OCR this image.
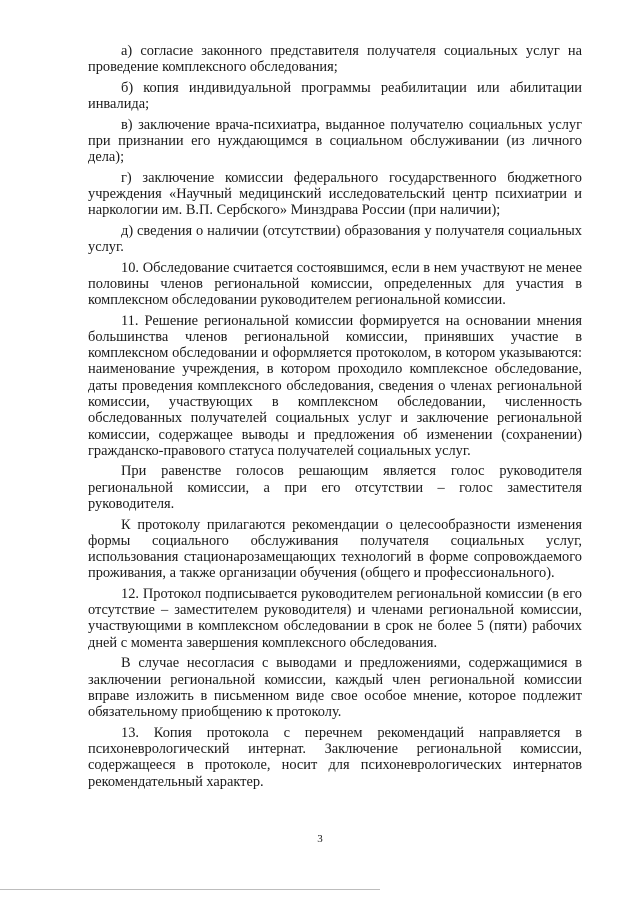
а) согласие законного представителя получателя социальных услуг на проведение комплексного обследования;

б) копия индивидуальной программы реабилитации или абилитации инвалида;

в) заключение врача-психиатра, выданное получателю социальных услуг при признании его нуждающимся в социальном обслуживании (из личного дела);

г) заключение комиссии федерального государственного бюджетного учреждения «Научный медицинский исследовательский центр психиатрии и наркологии им. В.П. Сербского» Минздрава России (при наличии);

д) сведения о наличии (отсутствии) образования у получателя социальных услуг.

10. Обследование считается состоявшимся, если в нем участвуют не менее половины членов региональной комиссии, определенных для участия в комплексном обследовании руководителем региональной комиссии.

11. Решение региональной комиссии формируется на основании мнения большинства членов региональной комиссии, принявших участие в комплексном обследовании и оформляется протоколом, в котором указываются: наименование учреждения, в котором проходило комплексное обследование, даты проведения комплексного обследования, сведения о членах региональной комиссии, участвующих в комплексном обследовании, численность обследованных получателей социальных услуг и заключение региональной комиссии, содержащее выводы и предложения об изменении (сохранении) гражданско-правового статуса получателей социальных услуг.

При равенстве голосов решающим является голос руководителя региональной комиссии, а при его отсутствии – голос заместителя руководителя.

К протоколу прилагаются рекомендации о целесообразности изменения формы социального обслуживания получателя социальных услуг, использования стационарозамещающих технологий в форме сопровождаемого проживания, а также организации обучения (общего и профессионального).

12. Протокол подписывается руководителем региональной комиссии (в его отсутствие – заместителем руководителя) и членами региональной комиссии, участвующими в комплексном обследовании в срок не более 5 (пяти) рабочих дней с момента завершения комплексного обследования.

В случае несогласия с выводами и предложениями, содержащимися в заключении региональной комиссии, каждый член региональной комиссии вправе изложить в письменном виде свое особое мнение, которое подлежит обязательному приобщению к протоколу.

13. Копия протокола с перечнем рекомендаций направляется в психоневрологический интернат. Заключение региональной комиссии, содержащееся в протоколе, носит для психоневрологических интернатов рекомендательный характер.

3
